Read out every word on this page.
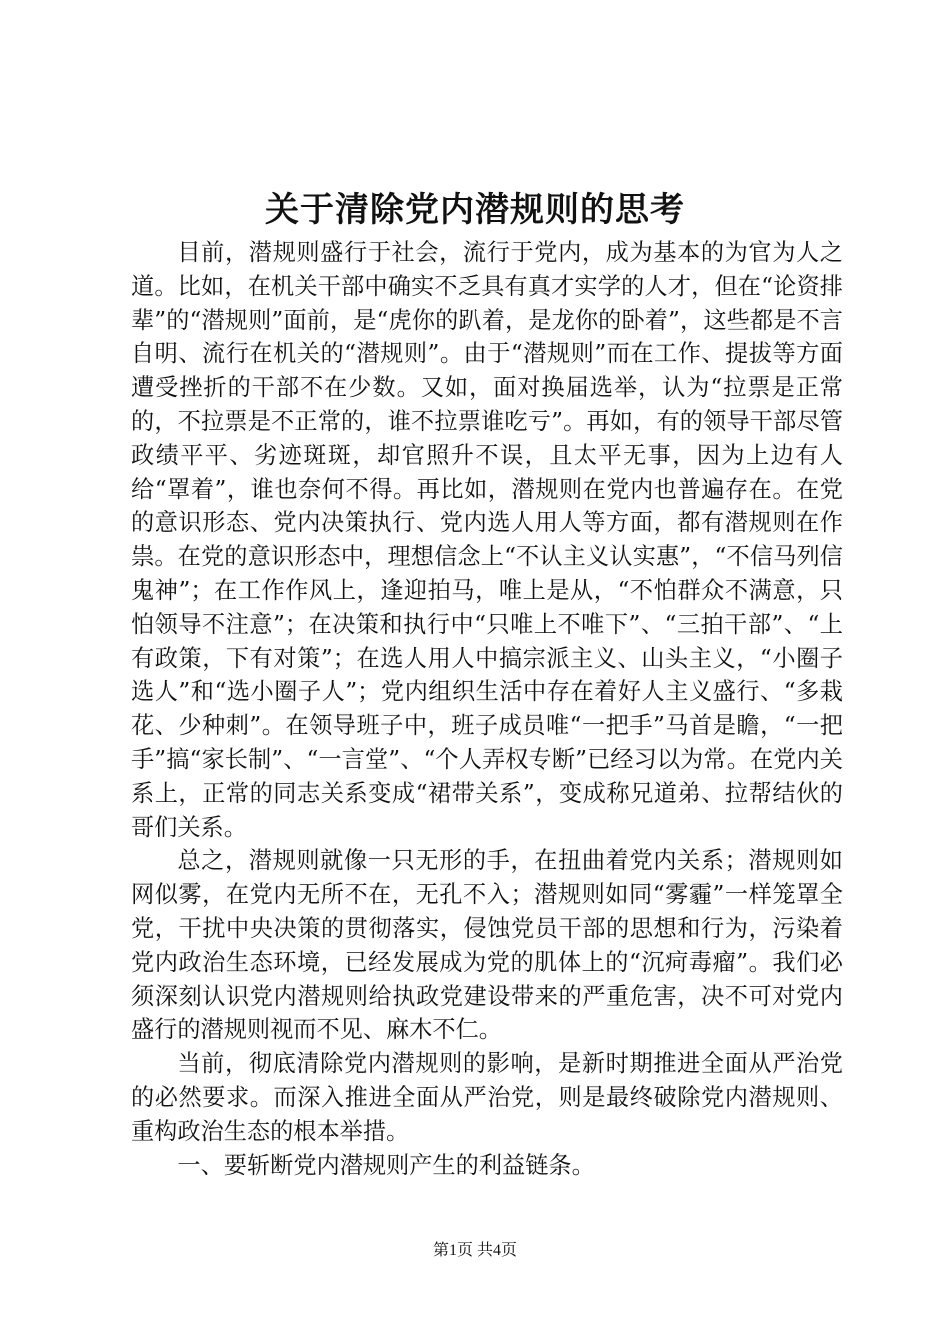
关于清除党内潜规则的思考

目前，潜规则盛行于社会，流行于党内，成为基本的为官为人之道。比如，在机关干部中确实不乏具有真才实学的人才，但在“论资排辈”的“潜规则”面前，是“虎你的趴着，是龙你的卧着”，这些都是不言自明、流行在机关的“潜规则”。由于“潜规则”而在工作、提拔等方面遭受挫折的干部不在少数。又如，面对换届选举，认为“拉票是正常的，不拉票是不正常的，谁不拉票谁吃亏”。再如，有的领导干部尽管政绩平平、劣迹斑斑，却官照升不误，且太平无事，因为上边有人给“罩着”，谁也奈何不得。再比如，潜规则在党内也普遍存在。在党的意识形态、党内决策执行、党内选人用人等方面，都有潜规则在作祟。在党的意识形态中，理想信念上“不认主义认实惠”，“不信马列信鬼神”；在工作作风上，逢迎拍马，唯上是从，“不怕群众不满意，只怕领导不注意”；在决策和执行中“只唯上不唯下”、“三拍干部”、“上有政策，下有对策”；在选人用人中搞宗派主义、山头主义，“小圈子选人”和“选小圈子人”；党内组织生活中存在着好人主义盛行、“多栽花、少种刺”。在领导班子中，班子成员唯“一把手”马首是瞻，“一把手”搞“家长制”、“一言堂”、“个人弄权专断”已经习以为常。在党内关系上，正常的同志关系变成“裙带关系”，变成称兄道弟、拉帮结伙的哥们关系。

总之，潜规则就像一只无形的手，在扭曲着党内关系；潜规则如网似雾，在党内无所不在，无孔不入；潜规则如同“雾霾”一样笼罩全党，干扰中央决策的贯彻落实，侵蚀党员干部的思想和行为，污染着党内政治生态环境，已经发展成为党的肌体上的“沉疴毒瘤”。我们必须深刻认识党内潜规则给执政党建设带来的严重危害，决不可对党内盛行的潜规则视而不见、麻木不仁。

当前，彻底清除党内潜规则的影响，是新时期推进全面从严治党的必然要求。而深入推进全面从严治党，则是最终破除党内潜规则、重构政治生态的根本举措。

一、要斩断党内潜规则产生的利益链条。

第1页 共4页
